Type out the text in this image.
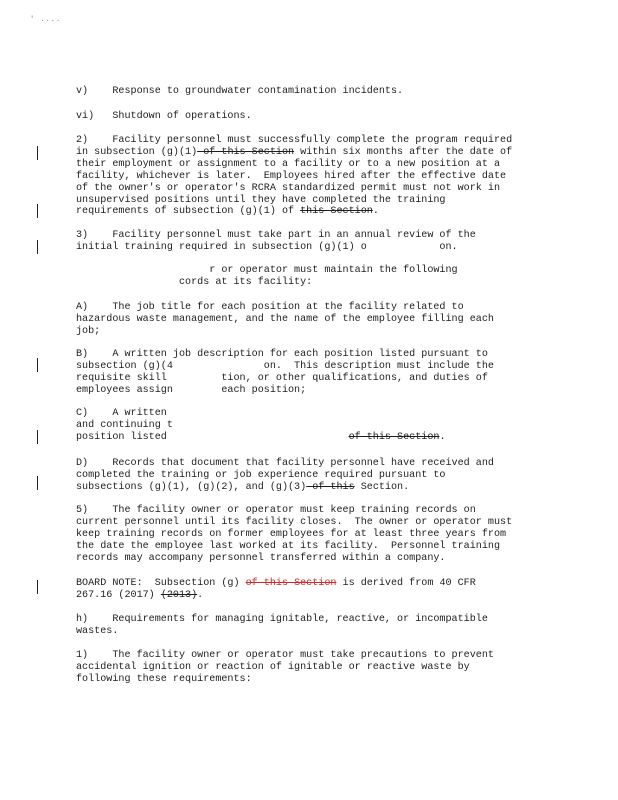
' ....

v)    Response to groundwater contamination incidents.

vi)   Shutdown of operations.

2)    Facility personnel must successfully complete the program required
in subsection (g)(1) of this Section within six months after the date of
their employment or assignment to a facility or to a new position at a
facility, whichever is later.  Employees hired after the effective date
of the owner's or operator's RCRA standardized permit must not work in
unsupervised positions until they have completed the training
requirements of subsection (g)(1) of this Section.
3)    Facility personnel must take part in an annual review of the
initial training required in subsection (g)(1) o            on.
r or operator must maintain the following
cords at its facility:
A)    The job title for each position at the facility related to
hazardous waste management, and the name of the employee filling each
job;
B)    A written job description for each position listed pursuant to
subsection (g)(4               on.  This description must include the
requisite skill         tion, or other qualifications, and duties of
employees assign        each position;
C)    A written
and continuing t
position listed                              of this Section.
D)    Records that document that facility personnel have received and
completed the training or job experience required pursuant to
subsections (g)(1), (g)(2), and (g)(3) of this Section.
5)    The facility owner or operator must keep training records on
current personnel until its facility closes.  The owner or operator must
keep training records on former employees for at least three years from
the date the employee last worked at its facility.  Personnel training
records may accompany personnel transferred within a company.
BOARD NOTE:  Subsection (g) of this Section is derived from 40 CFR
267.16 (2017) (2013).
h)    Requirements for managing ignitable, reactive, or incompatible
wastes.
1)    The facility owner or operator must take precautions to prevent
accidental ignition or reaction of ignitable or reactive waste by
following these requirements:
